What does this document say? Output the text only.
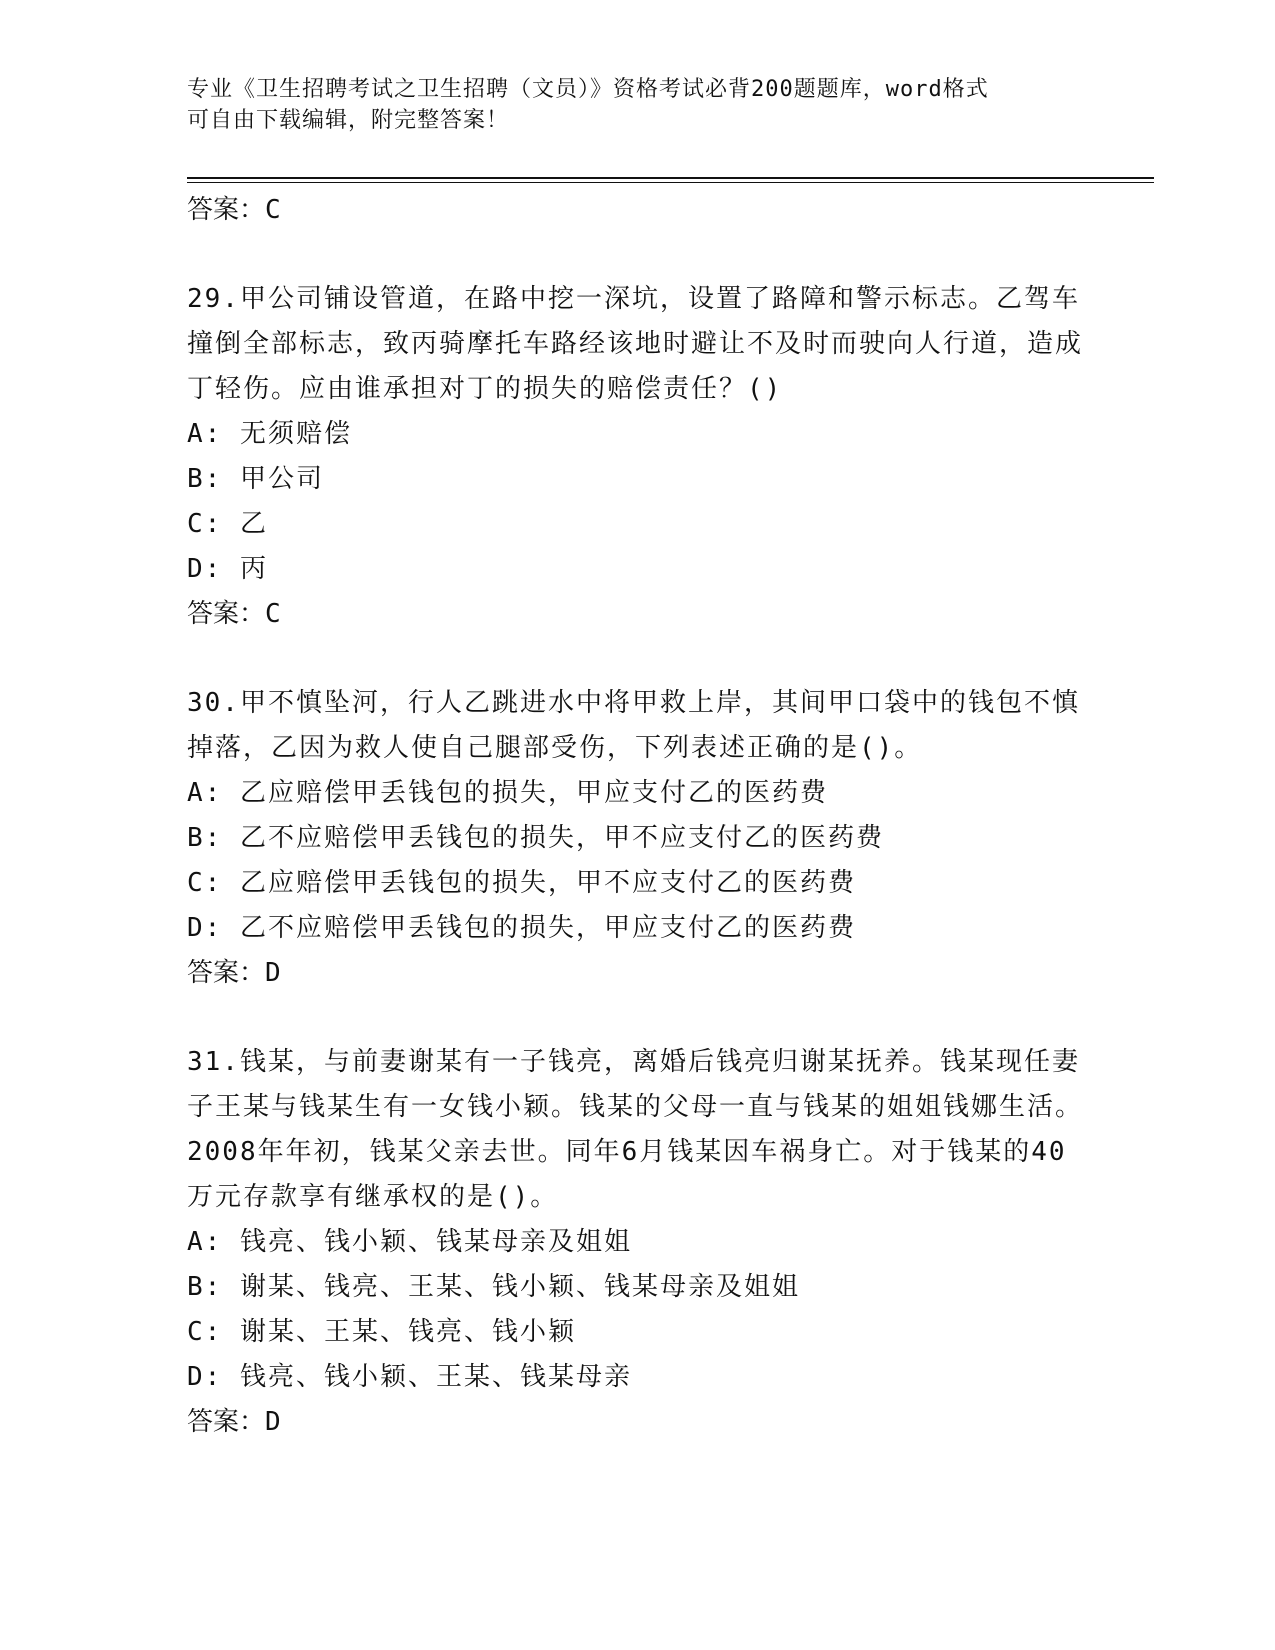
专业《卫生招聘考试之卫生招聘（文员）》资格考试必背200题题库，word格式
可自由下载编辑，附完整答案！
答案：C
29.甲公司铺设管道，在路中挖一深坑，设置了路障和警示标志。乙驾车撞倒全部标志，致丙骑摩托车路经该地时避让不及时而驶向人行道，造成丁轻伤。应由谁承担对丁的损失的赔偿责任？()
A: 无须赔偿
B: 甲公司
C: 乙
D: 丙
答案：C
30.甲不慎坠河，行人乙跳进水中将甲救上岸，其间甲口袋中的钱包不慎掉落，乙因为救人使自己腿部受伤，下列表述正确的是()。
A: 乙应赔偿甲丢钱包的损失，甲应支付乙的医药费
B: 乙不应赔偿甲丢钱包的损失，甲不应支付乙的医药费
C: 乙应赔偿甲丢钱包的损失，甲不应支付乙的医药费
D: 乙不应赔偿甲丢钱包的损失，甲应支付乙的医药费
答案：D
31.钱某，与前妻谢某有一子钱亮，离婚后钱亮归谢某抚养。钱某现任妻子王某与钱某生有一女钱小颖。钱某的父母一直与钱某的姐姐钱娜生活。2008年年初，钱某父亲去世。同年6月钱某因车祸身亡。对于钱某的40万元存款享有继承权的是()。
A: 钱亮、钱小颖、钱某母亲及姐姐
B: 谢某、钱亮、王某、钱小颖、钱某母亲及姐姐
C: 谢某、王某、钱亮、钱小颖
D: 钱亮、钱小颖、王某、钱某母亲
答案：D
